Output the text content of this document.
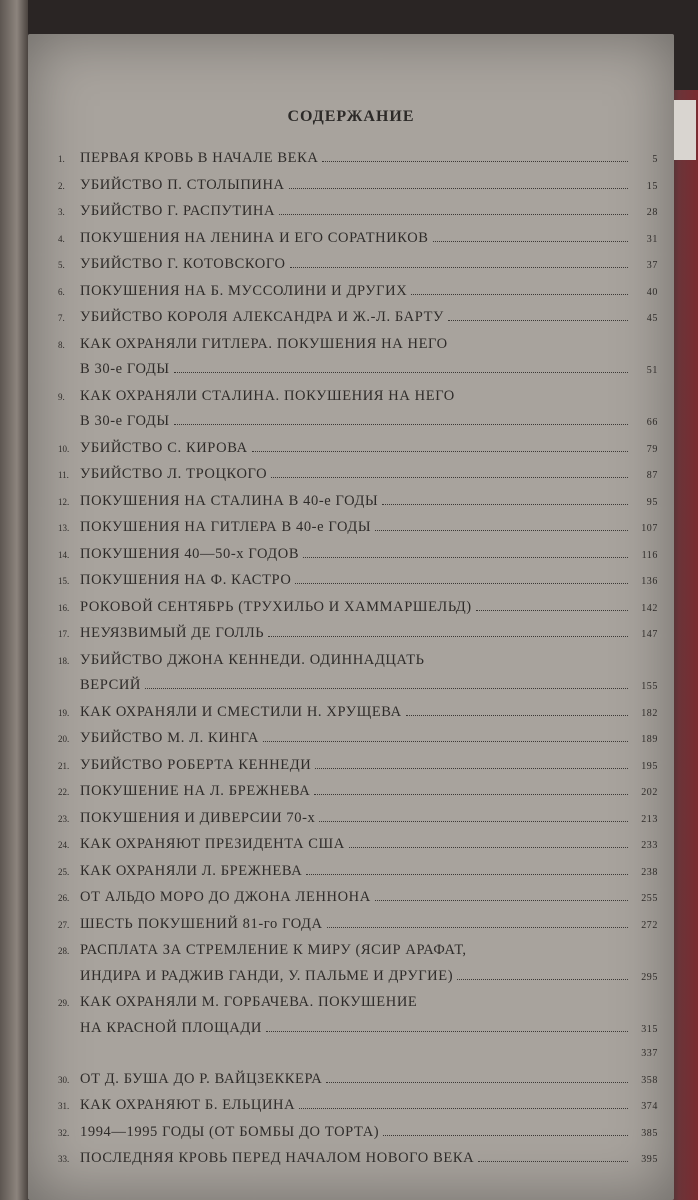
СОДЕРЖАНИЕ
1.	ПЕРВАЯ КРОВЬ В НАЧАЛЕ ВЕКА	5
2.	УБИЙСТВО П. СТОЛЫПИНА	15
3.	УБИЙСТВО Г. РАСПУТИНА	28
4.	ПОКУШЕНИЯ НА ЛЕНИНА И ЕГО СОРАТНИКОВ	31
5.	УБИЙСТВО Г. КОТОВСКОГО	37
6.	ПОКУШЕНИЯ НА Б. МУССОЛИНИ И ДРУГИХ	40
7.	УБИЙСТВО КОРОЛЯ АЛЕКСАНДРА И Ж.-Л. БАРТУ	45
8.	КАК ОХРАНЯЛИ ГИТЛЕРА. ПОКУШЕНИЯ НА НЕГО
В 30-е ГОДЫ	51
9.	КАК ОХРАНЯЛИ СТАЛИНА. ПОКУШЕНИЯ НА НЕГО
В 30-е ГОДЫ	66
10. УБИЙСТВО С. КИРОВА	79
11. УБИЙСТВО Л. ТРОЦКОГО	87
12. ПОКУШЕНИЯ НА СТАЛИНА В 40-е ГОДЫ	95
13. ПОКУШЕНИЯ НА ГИТЛЕРА В 40-е ГОДЫ	107
14. ПОКУШЕНИЯ 40—50-х ГОДОВ	116
15. ПОКУШЕНИЯ НА Ф. КАСТРО	136
16. РОКОВОЙ СЕНТЯБРЬ (ТРУХИЛЬО И ХАММАРШЕЛЬД)	142
17. НЕУЯЗВИМЫЙ ДЕ ГОЛЛЬ	147
18. УБИЙСТВО ДЖОНА КЕННЕДИ. ОДИННАДЦАТЬ
ВЕРСИЙ	155
19. КАК ОХРАНЯЛИ И СМЕСТИЛИ Н. ХРУЩЕВА	182
20. УБИЙСТВО М. Л. КИНГА	189
21. УБИЙСТВО РОБЕРТА КЕННЕДИ	195
22. ПОКУШЕНИЕ НА Л. БРЕЖНЕВА	202
23. ПОКУШЕНИЯ И ДИВЕРСИИ 70-х	213
24. КАК ОХРАНЯЮТ ПРЕЗИДЕНТА США	233
25. КАК ОХРАНЯЛИ Л. БРЕЖНЕВА	238
26. ОТ АЛЬДО МОРО ДО ДЖОНА ЛЕННОНА	255
27. ШЕСТЬ ПОКУШЕНИЙ 81-го ГОДА	272
28. РАСПЛАТА ЗА СТРЕМЛЕНИЕ К МИРУ (ЯСИР АРАФАТ,
ИНДИРА И РАДЖИВ ГАНДИ, У. ПАЛЬМЕ И ДРУГИЕ)	295
29. КАК ОХРАНЯЛИ М. ГОРБАЧЕВА. ПОКУШЕНИЕ
НА КРАСНОЙ ПЛОЩАДИ	315
337
30. ОТ Д. БУША ДО Р. ВАЙЦЗЕККЕРА	358
31. КАК ОХРАНЯЮТ Б. ЕЛЬЦИНА	374
32. 1994—1995 ГОДЫ (ОТ БОМБЫ ДО ТОРТА)	385
33. ПОСЛЕДНЯЯ КРОВЬ ПЕРЕД НАЧАЛОМ НОВОГО ВЕКА	395
